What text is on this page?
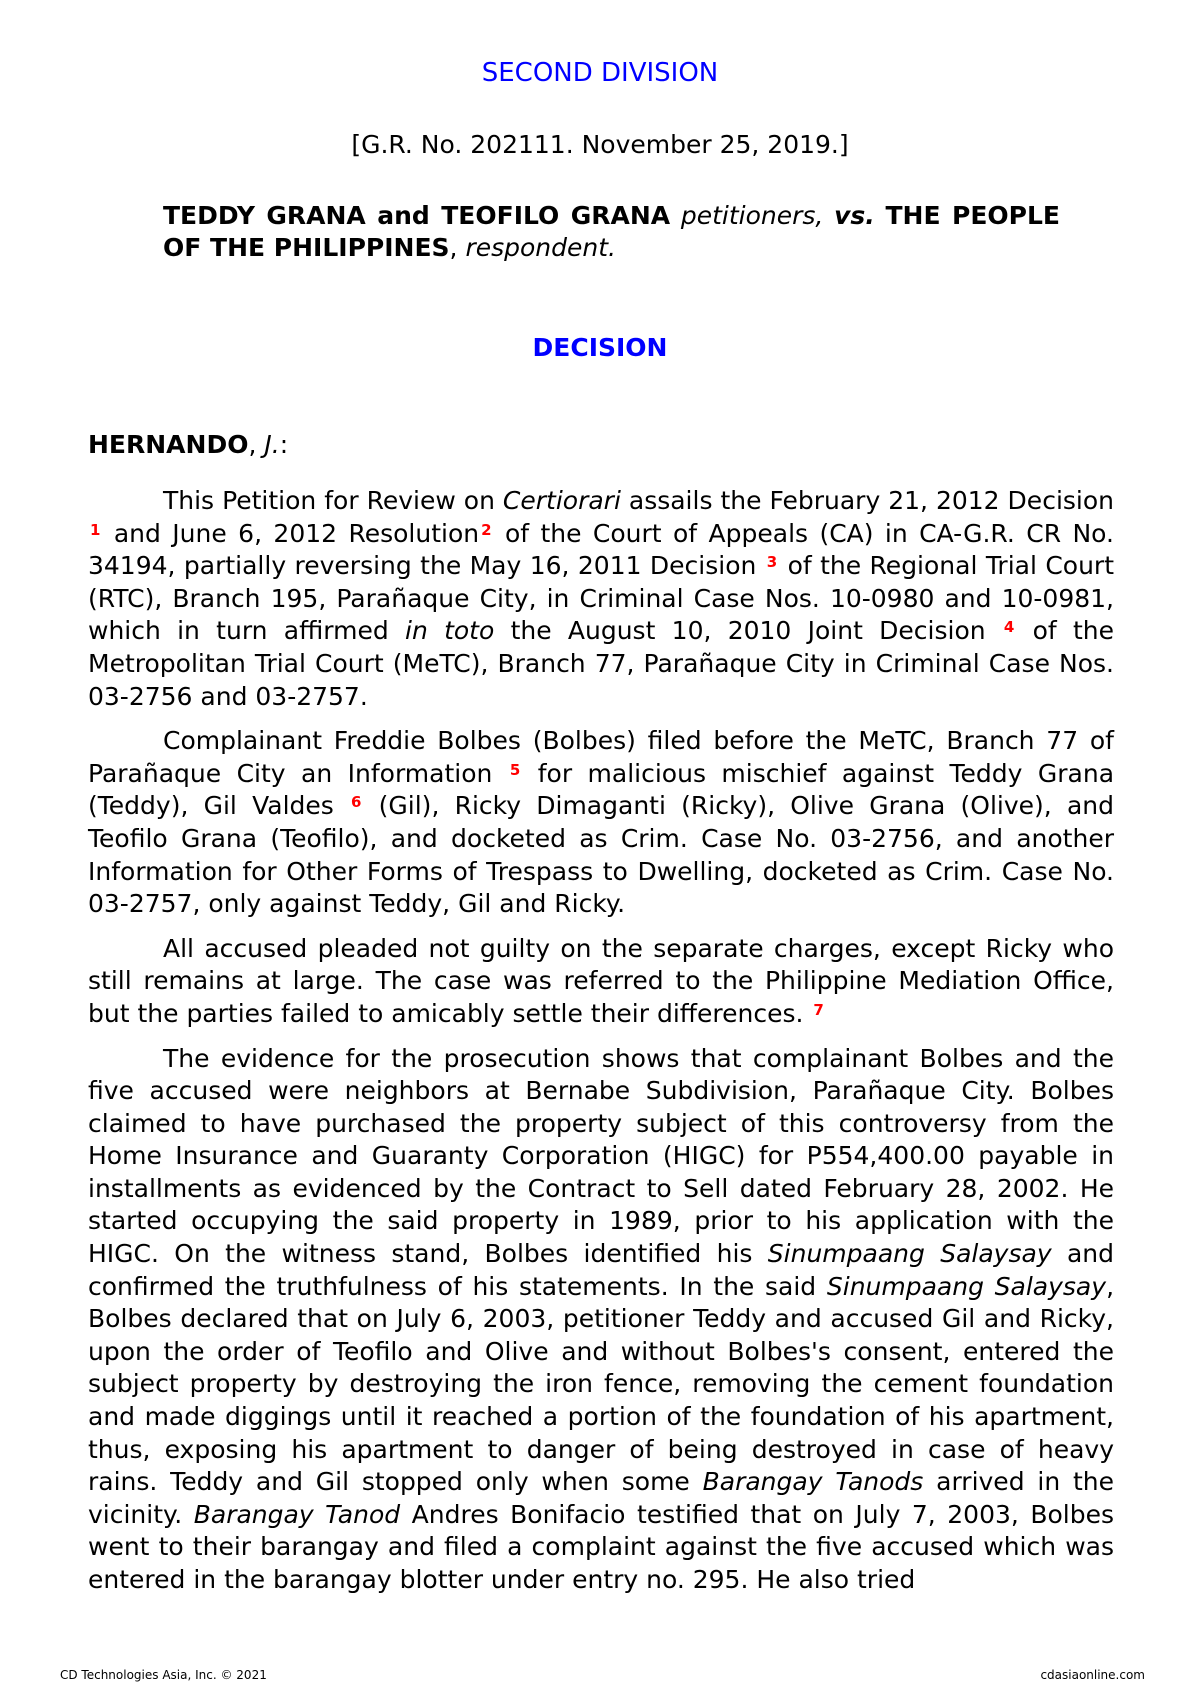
SECOND DIVISION
[G.R. No. 202111. November 25, 2019.]
TEDDY GRANA and TEOFILO GRANA petitioners, vs. THE PEOPLE OF THE PHILIPPINES, respondent.
DECISION
HERNANDO, J.:

This Petition for Review on Certiorari assails the February 21, 2012 Decision $^1$ and June 6, 2012 Resolution $^2$ of the Court of Appeals (CA) in CA-G.R. CR No. 34194, partially reversing the May 16, 2011 Decision $^3$ of the Regional Trial Court (RTC), Branch 195, Parañaque City, in Criminal Case Nos. 10-0980 and 10-0981, which in turn affirmed in toto the August 10, 2010 Joint Decision $^4$ of the Metropolitan Trial Court (MeTC), Branch 77, Parañaque City in Criminal Case Nos. 03-2756 and 03-2757.

Complainant Freddie Bolbes (Bolbes) filed before the MeTC, Branch 77 of Parañaque City an Information $^5$ for malicious mischief against Teddy Grana (Teddy), Gil Valdes $^6$ (Gil), Ricky Dimaganti (Ricky), Olive Grana (Olive), and Teofilo Grana (Teofilo), and docketed as Crim. Case No. 03-2756, and another Information for Other Forms of Trespass to Dwelling, docketed as Crim. Case No. 03-2757, only against Teddy, Gil and Ricky.

All accused pleaded not guilty on the separate charges, except Ricky who still remains at large. The case was referred to the Philippine Mediation Office, but the parties failed to amicably settle their differences. $^7$

The evidence for the prosecution shows that complainant Bolbes and the five accused were neighbors at Bernabe Subdivision, Parañaque City. Bolbes claimed to have purchased the property subject of this controversy from the Home Insurance and Guaranty Corporation (HIGC) for P554,400.00 payable in installments as evidenced by the Contract to Sell dated February 28, 2002. He started occupying the said property in 1989, prior to his application with the HIGC. On the witness stand, Bolbes identified his Sinumpaang Salaysay and confirmed the truthfulness of his statements. In the said Sinumpaang Salaysay, Bolbes declared that on July 6, 2003, petitioner Teddy and accused Gil and Ricky, upon the order of Teofilo and Olive and without Bolbes's consent, entered the subject property by destroying the iron fence, removing the cement foundation and made diggings until it reached a portion of the foundation of his apartment, thus, exposing his apartment to danger of being destroyed in case of heavy rains. Teddy and Gil stopped only when some Barangay Tanods arrived in the vicinity. Barangay Tanod Andres Bonifacio testified that on July 7, 2003, Bolbes went to their barangay and filed a complaint against the five accused which was entered in the barangay blotter under entry no. 295. He also tried

CD Technologies Asia, Inc. © 2021	cdasiaonline.com
